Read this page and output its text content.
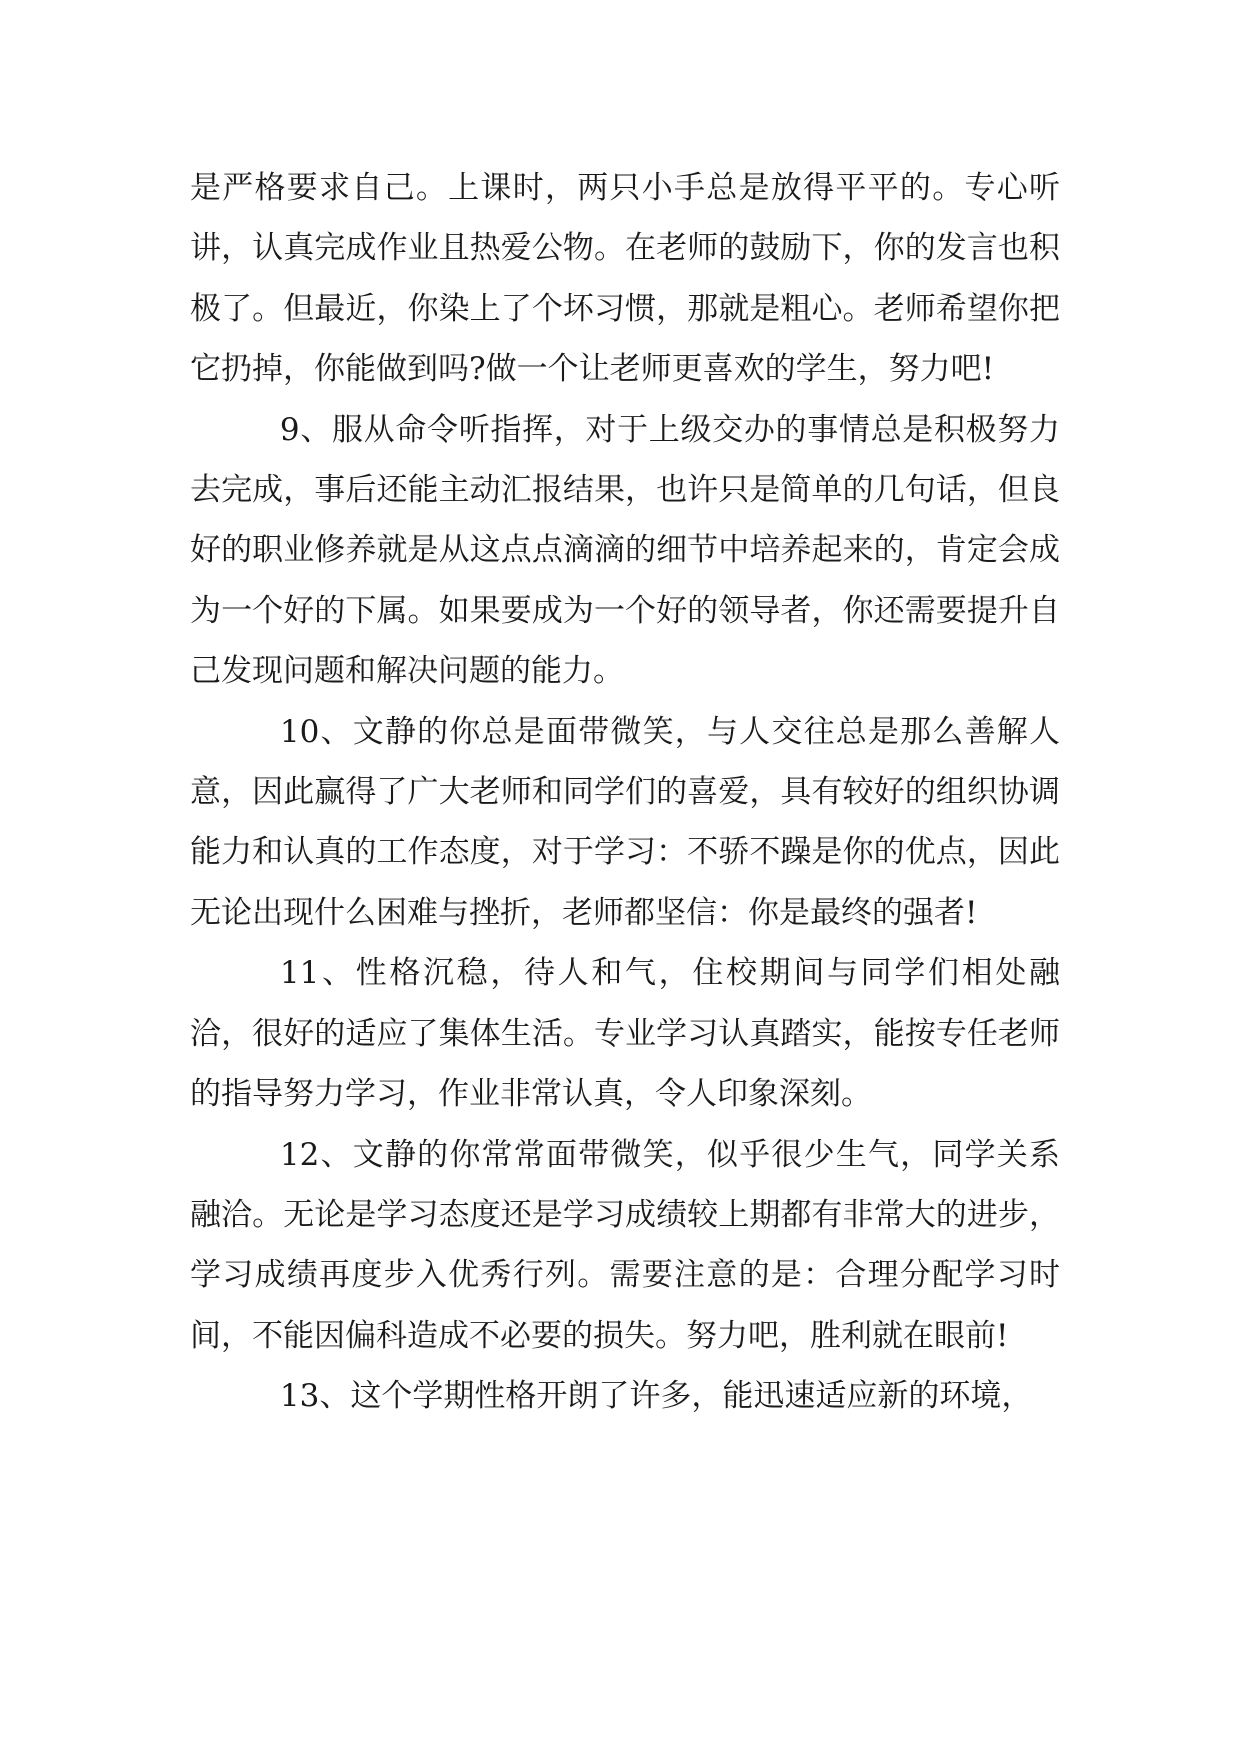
是严格要求自己。上课时，两只小手总是放得平平的。专心听讲，认真完成作业且热爱公物。在老师的鼓励下，你的发言也积极了。但最近，你染上了个坏习惯，那就是粗心。老师希望你把它扔掉，你能做到吗?做一个让老师更喜欢的学生，努力吧!

9、服从命令听指挥，对于上级交办的事情总是积极努力去完成，事后还能主动汇报结果，也许只是简单的几句话，但良好的职业修养就是从这点点滴滴的细节中培养起来的，肯定会成为一个好的下属。如果要成为一个好的领导者，你还需要提升自己发现问题和解决问题的能力。

10、文静的你总是面带微笑，与人交往总是那么善解人意，因此赢得了广大老师和同学们的喜爱，具有较好的组织协调能力和认真的工作态度，对于学习：不骄不躁是你的优点，因此无论出现什么困难与挫折，老师都坚信：你是最终的强者!

11、性格沉稳，待人和气，住校期间与同学们相处融洽，很好的适应了集体生活。专业学习认真踏实，能按专任老师的指导努力学习，作业非常认真，令人印象深刻。

12、文静的你常常面带微笑，似乎很少生气，同学关系融洽。无论是学习态度还是学习成绩较上期都有非常大的进步，学习成绩再度步入优秀行列。需要注意的是：合理分配学习时间，不能因偏科造成不必要的损失。努力吧，胜利就在眼前!

13、这个学期性格开朗了许多，能迅速适应新的环境，
